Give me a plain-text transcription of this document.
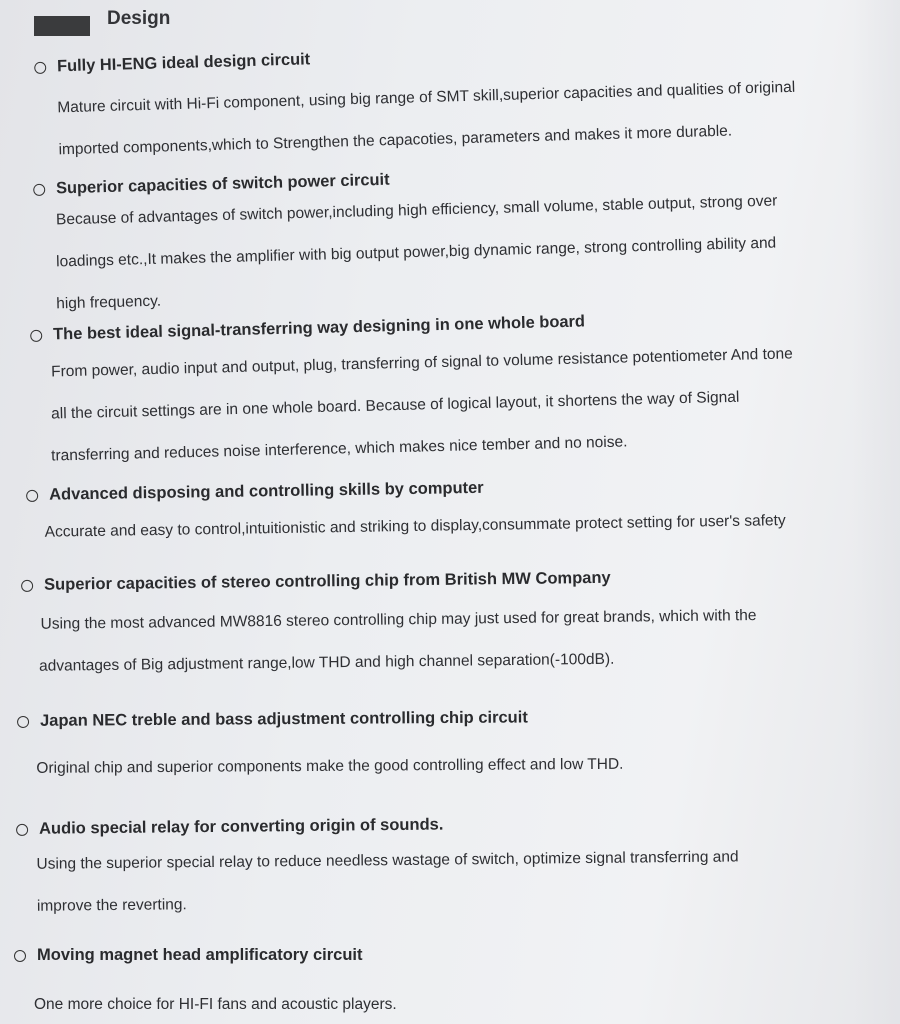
Design
Fully HI-ENG ideal design circuit
Mature circuit with Hi-Fi component, using big range of SMT skill,superior capacities and qualities of original
imported components,which to Strengthen the capacoties, parameters and makes it more durable.
Superior capacities of switch power circuit
Because of advantages of switch power,including high efficiency, small volume, stable output, strong over
loadings etc.,It makes the amplifier with big output power,big dynamic range, strong controlling ability and
high frequency.
The best ideal signal-transferring way designing in one whole board
From power, audio input and output, plug, transferring of signal to volume resistance potentiometer And tone
all the circuit settings are in one whole board. Because of logical layout, it shortens the way of Signal
transferring and reduces noise interference, which makes nice tember and no noise.
Advanced disposing and controlling skills by computer
Accurate and easy to control,intuitionistic and striking to display,consummate protect setting for user's safety
Superior capacities of stereo controlling chip from British MW Company
Using the most advanced MW8816 stereo controlling chip may just used for great brands, which with the
advantages of Big adjustment range,low THD and high channel separation(-100dB).
Japan NEC treble and bass adjustment controlling chip circuit
Original chip and superior components make the good controlling effect and low THD.
Audio special relay for converting origin of sounds.
Using the superior special relay to reduce needless wastage of switch, optimize signal transferring and
improve the reverting.
Moving magnet head amplificatory circuit
One more choice for HI-FI fans and acoustic players.
